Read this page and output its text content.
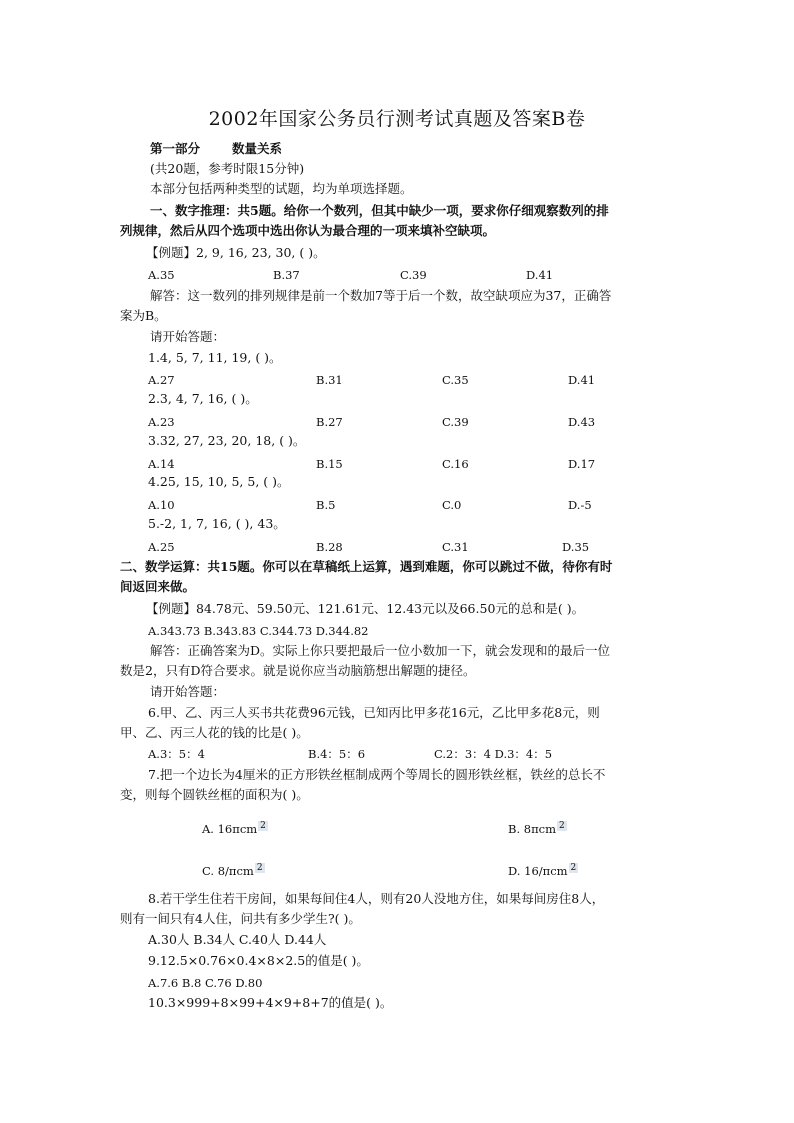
2002年国家公务员行测考试真题及答案B卷
第一部分	数量关系
(共20题，参考时限15分钟)
本部分包括两种类型的试题，均为单项选择题。
一、数字推理：共5题。给你一个数列，但其中缺少一项，要求你仔细观察数列的排
列规律，然后从四个选项中选出你认为最合理的一项来填补空缺项。
【例题】2, 9, 16, 23, 30, ( )。
A.35	B.37	C.39	D.41
解答：这一数列的排列规律是前一个数加7等于后一个数，故空缺项应为37，正确答
案为B。
请开始答题：
1.4, 5, 7, 11, 19, ( )。
A.27	B.31	C.35	D.41
2.3, 4, 7, 16, ( )。
A.23	B.27	C.39	D.43
3.32, 27, 23, 20, 18, ( )。
A.14	B.15	C.16	D.17
4.25, 15, 10, 5, 5, ( )。
A.10	B.5	C.0	D.-5
5.-2, 1, 7, 16, ( ), 43。
A.25	B.28	C.31	D.35
二、数学运算：共15题。你可以在草稿纸上运算，遇到难题，你可以跳过不做，待你有时
间返回来做。
【例题】84.78元、59.50元、121.61元、12.43元以及66.50元的总和是( )。
A.343.73 B.343.83 C.344.73 D.344.82
解答：正确答案为D。实际上你只要把最后一位小数加一下，就会发现和的最后一位
数是2，只有D符合要求。就是说你应当动脑筋想出解题的捷径。
请开始答题：
6.甲、乙、丙三人买书共花费96元钱，已知丙比甲多花16元，乙比甲多花8元，则
甲、乙、丙三人花的钱的比是( )。
A.3：5：4	B.4：5：6	C.2：3：4 D.3：4：5
7.把一个边长为4厘米的正方形铁丝框制成两个等周长的圆形铁丝框，铁丝的总长不
变，则每个圆铁丝框的面积为( )。
A. 16πcm $^2$	B. 8πcm $^2$
C. 8/πcm $^2$	D. 16/πcm $^2$
8.若干学生住若干房间，如果每间住4人，则有20人没地方住，如果每间房住8人，
则有一间只有4人住，问共有多少学生?( )。
A.30人 B.34人 C.40人 D.44人
9.12.5×0.76×0.4×8×2.5的值是( )。
A.7.6 B.8 C.76 D.80
10.3×999+8×99+4×9+8+7的值是( )。
